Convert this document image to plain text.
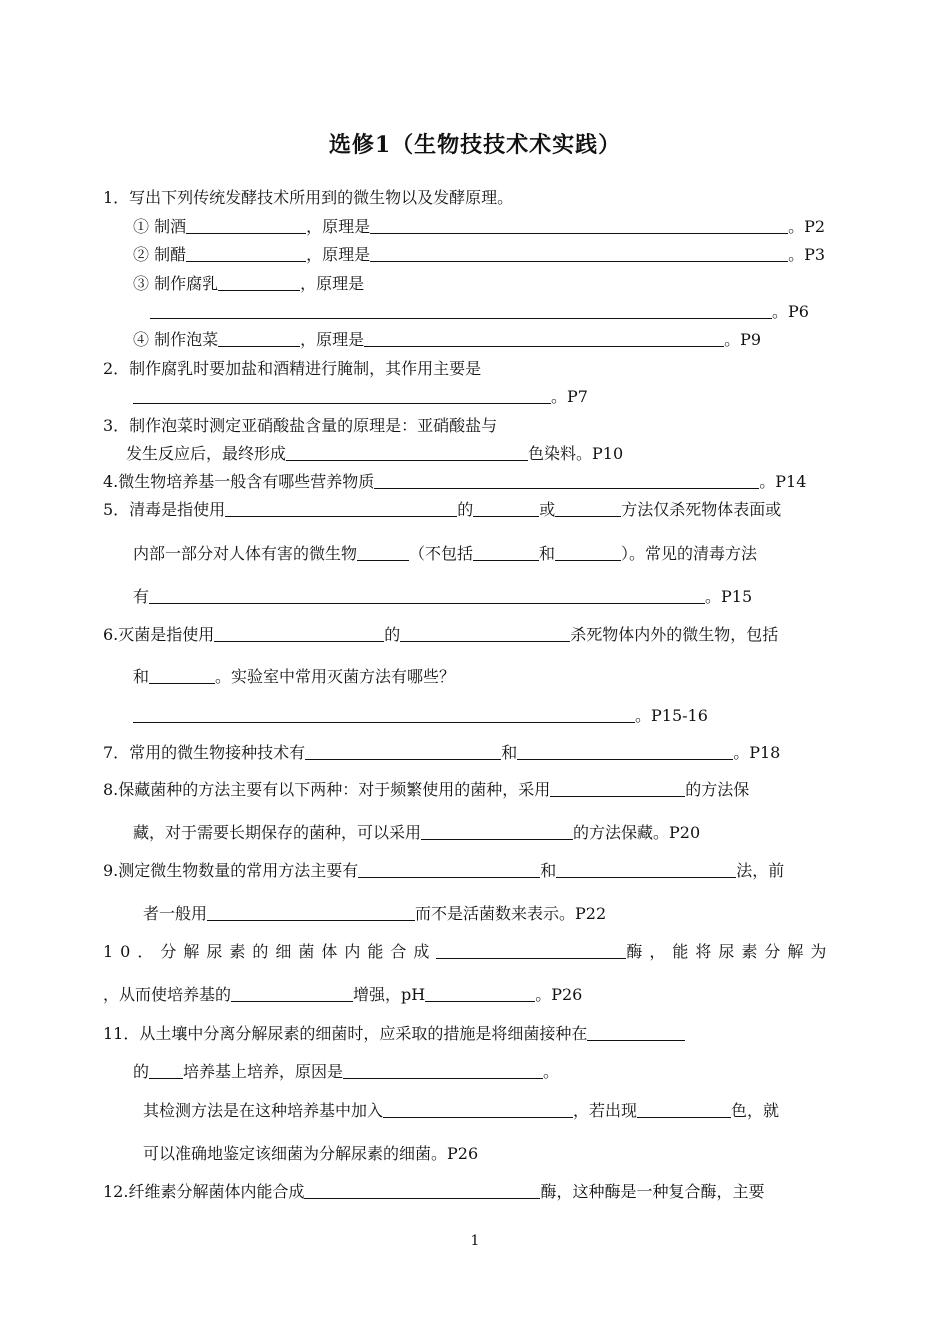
选修1（生物技技术术实践）
1．写出下列传统发酵技术所用到的微生物以及发酵原理。
① 制酒	，原理是	。P2
② 制醋	，原理是	。P3
③ 制作腐乳	，原理是
。P6
④ 制作泡菜	，原理是	。P9
2．制作腐乳时要加盐和酒精进行腌制，其作用主要是
。P7
3．制作泡菜时测定亚硝酸盐含量的原理是：亚硝酸盐与
发生反应后，最终形成	色染料。P10
4.微生物培养基一般含有哪些营养物质	。P14
5．清毒是指使用	的	或	方法仅杀死物体表面或
内部一部分对人体有害的微生物	（不包括	和	）。常见的清毒方法
有	。P15
6.灭菌是指使用	的	杀死物体内外的微生物，包括
和	。实验室中常用灭菌方法有哪些？
。P15-16
7．常用的微生物接种技术有	和	。P18
8.保藏菌种的方法主要有以下两种：对于频繁使用的菌种，采用	的方法保
藏，对于需要长期保存的菌种，可以采用	的方法保藏。P20
9.测定微生物数量的常用方法主要有	和	法，前
者一般用	而不是活菌数来表示。P22
10．分解尿素的细菌体内能合成	酶，能将尿素分解为
，从而使培养基的	增强，pH	。P26
11．从土壤中分离分解尿素的细菌时，应采取的措施是将细菌接种在
的 培养基上培养，原因是	。
其检测方法是在这种培养基中加入	，若出现	色，就
可以准确地鉴定该细菌为分解尿素的细菌。P26
12.纤维素分解菌体内能合成	酶，这种酶是一种复合酶，主要
1
